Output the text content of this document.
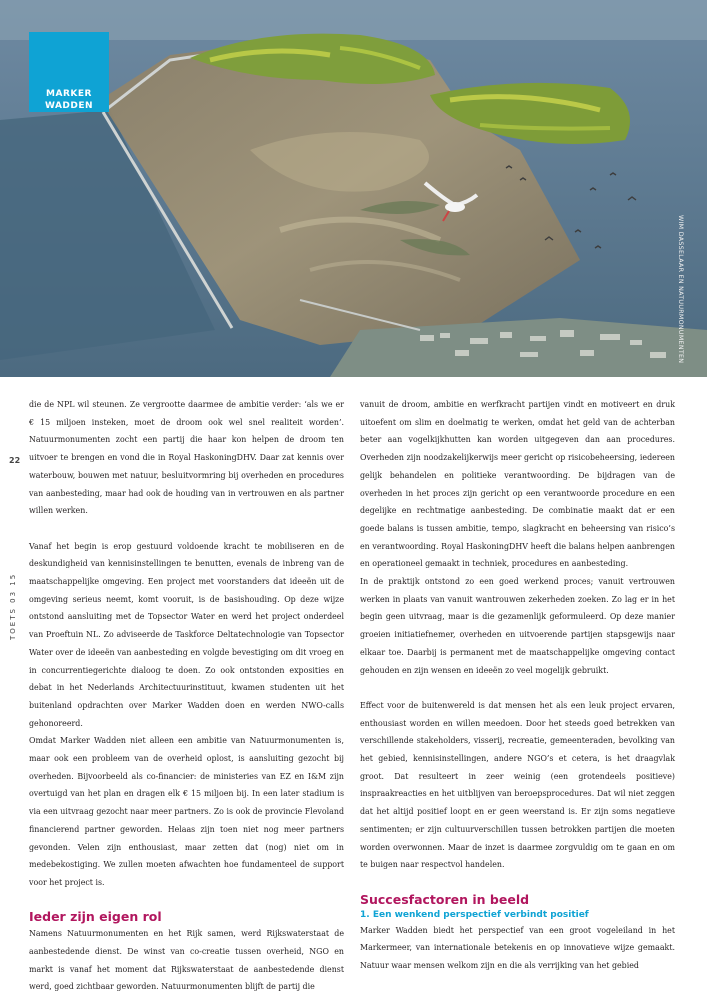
MARKER
WADDEN
WIM DASSELAAR EN NATUURMONUMENTEN
22
TOETS 03 15

die de NPL wil steunen. Ze vergrootte daarmee de ambitie verder: ‘als we er € 15 miljoen insteken, moet de droom ook wel snel realiteit worden’. Natuurmonumenten zocht een partij die haar kon helpen de droom ten uitvoer te brengen en vond die in Royal HaskoningDHV. Daar zat kennis over waterbouw, bouwen met natuur, besluitvormring bij overheden en procedures van aanbesteding, maar had ook de houding van in vertrouwen en als partner willen werken.

Vanaf het begin is erop gestuurd voldoende kracht te mobiliseren en de deskundigheid van kennisinstellingen te benutten, evenals de inbreng van de maatschappelijke omgeving. Een project met voorstanders dat ideeën uit de omgeving serieus neemt, komt vooruit, is de basishouding. Op deze wijze ontstond aansluiting met de Topsector Water en werd het project onderdeel van Proeftuin NL. Zo adviseerde de Taskforce Deltatechnologie van Topsector Water over de ideeën van aanbesteding en volgde bevestiging om dit vroeg en in concurrentiegerichte dialoog te doen. Zo ook ontstonden exposities en debat in het Nederlands Architectuurinstituut, kwamen studenten uit het buitenland opdrachten over Marker Wadden doen en werden NWO-calls gehonoreerd.

Omdat Marker Wadden niet alleen een ambitie van Natuurmonumenten is, maar ook een probleem van de overheid oplost, is aansluiting gezocht bij overheden. Bijvoorbeeld als co-financier: de ministeries van EZ en I&M zijn overtuigd van het plan en dragen elk € 15 miljoen bij. In een later stadium is via een uitvraag gezocht naar meer partners. Zo is ook de provincie Flevoland financierend partner geworden. Helaas zijn toen niet nog meer partners gevonden. Velen zijn enthousiast, maar zetten dat (nog) niet om in medebekostiging. We zullen moeten afwachten hoe fundamenteel de support voor het project is.

Ieder zijn eigen rol

Namens Natuurmonumenten en het Rijk samen, werd Rijkswaterstaat de aanbestedende dienst. De winst van co-creatie tussen overheid, NGO en markt is vanaf het moment dat Rijkswaterstaat de aanbestedende dienst werd, goed zichtbaar geworden. Natuurmonumenten blijft de partij die

vanuit de droom, ambitie en werfkracht partijen vindt en motiveert en druk uitoefent om slim en doelmatig te werken, omdat het geld van de achterban beter aan vogelkijkhutten kan worden uitgegeven dan aan procedures. Overheden zijn noodzakelijkerwijs meer gericht op risicobeheersing, iedereen gelijk behandelen en politieke verantwoording. De bijdragen van de overheden in het proces zijn gericht op een verantwoorde procedure en een degelijke en rechtmatige aanbesteding. De combinatie maakt dat er een goede balans is tussen ambitie, tempo, slagkracht en beheersing van risico’s en verantwoording. Royal HaskoningDHV heeft die balans helpen aanbrengen en operationeel gemaakt in techniek, procedures en aanbesteding.

In de praktijk ontstond zo een goed werkend proces; vanuit vertrouwen werken in plaats van vanuit wantrouwen zekerheden zoeken. Zo lag er in het begin geen uitvraag, maar is die gezamenlijk geformuleerd. Op deze manier groeien initiatiefnemer, overheden en uitvoerende partijen stapsgewijs naar elkaar toe. Daarbij is permanent met de maatschappelijke omgeving contact gehouden en zijn wensen en ideeën zo veel mogelijk gebruikt.

Effect voor de buitenwereld is dat mensen het als een leuk project ervaren, enthousiast worden en willen meedoen. Door het steeds goed betrekken van verschillende stakeholders, visserij, recreatie, gemeenteraden, bevolking van het gebied, kennisinstellingen, andere NGO’s et cetera, is het draagvlak groot. Dat resulteert in zeer weinig (een grotendeels positieve) inspraakreacties en het uitblijven van beroepsprocedures. Dat wil niet zeggen dat het altijd positief loopt en er geen weerstand is. Er zijn soms negatieve sentimenten; er zijn cultuurverschillen tussen betrokken partijen die moeten worden overwonnen. Maar de inzet is daarmee zorgvuldig om te gaan en om te buigen naar respectvol handelen.

Succesfactoren in beeld
1. Een wenkend perspectief verbindt positief

Marker Wadden biedt het perspectief van een groot vogeleiland in het Markermeer, van internationale betekenis en op innovatieve wijze gemaakt. Natuur waar mensen welkom zijn en die als verrijking van het gebied
